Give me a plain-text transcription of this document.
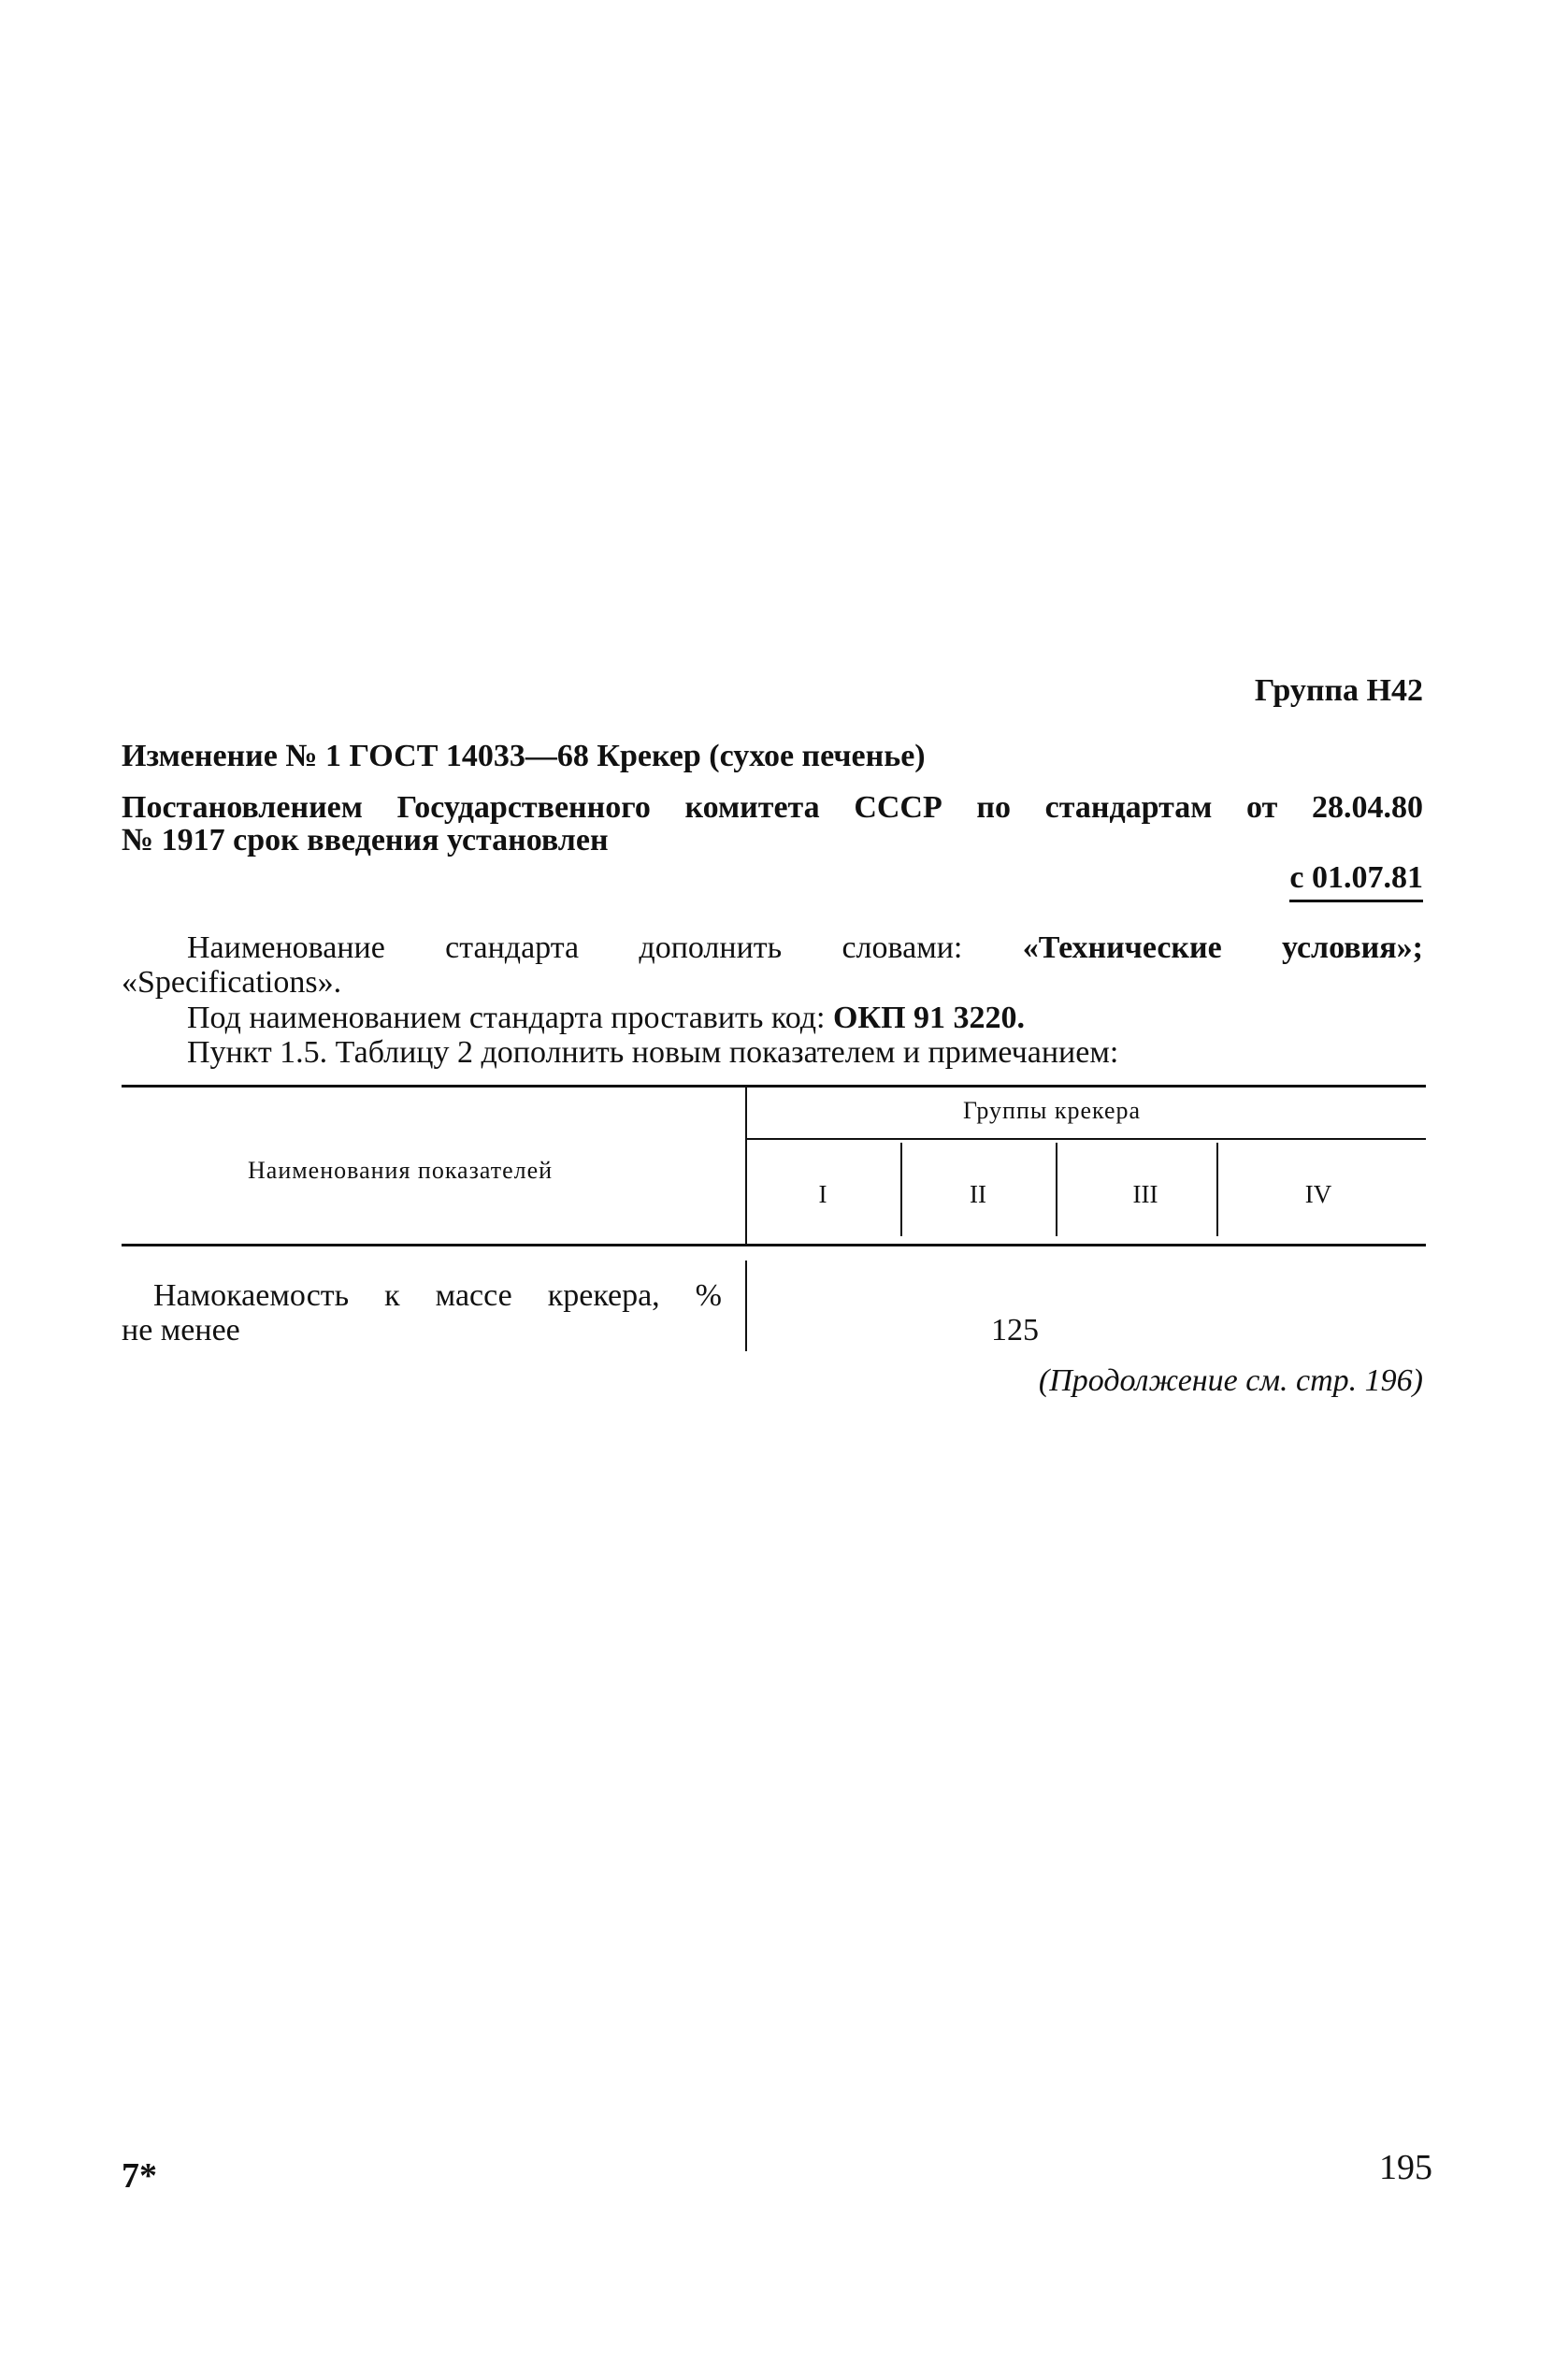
Группа Н42
Изменение № 1 ГОСТ 14033—68 Крекер (сухое печенье)
Постановлением Государственного комитета СССР по стандартам от 28.04.80
№ 1917 срок введения установлен
с 01.07.81
Наименование стандарта дополнить словами: «Технические условия»;
«Specifications».
Под наименованием стандарта проставить код: ОКП 91 3220.
Пункт 1.5. Таблицу 2 дополнить новым показателем и примечанием:
Группы крекера
Наименования показателей
I	II	III	IV
Намокаемость к массе крекера, %
не менее	125
(Продолжение см. стр. 196)
7*	195
